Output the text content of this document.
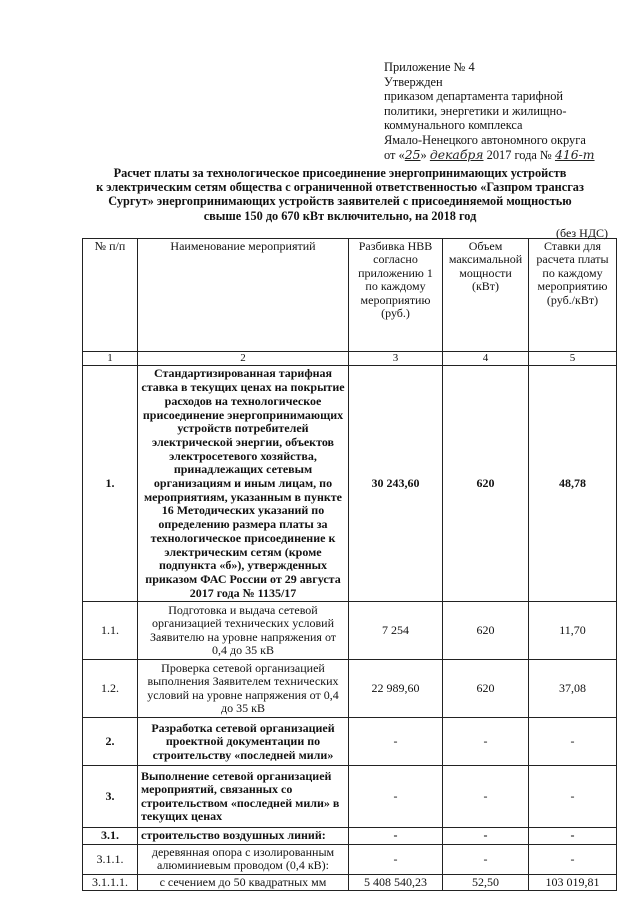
Приложение № 4
Утвержден
приказом департамента тарифной
политики, энергетики и жилищно-
коммунального комплекса
Ямало-Ненецкого автономного округа
от «25» декабря 2017 года № 416-т
Расчет платы за технологическое присоединение энергопринимающих устройств
к электрическим сетям общества с ограниченной ответственностью «Газпром трансгаз
Сургут» энергопринимающих устройств заявителей с присоединяемой мощностью
свыше 150 до 670 кВт включительно, на 2018 год
(без НДС)
№ п/п	Наименование мероприятий	Разбивка НВВ согласно приложению 1 по каждому мероприятию (руб.)	Объем максимальной мощности (кВт)	Ставки для расчета платы по каждому мероприятию (руб./кВт)
1	2	3	4	5
1.	Стандартизированная тарифная ставка в текущих ценах на покрытие расходов на технологическое присоединение энергопринимающих устройств потребителей электрической энергии, объектов электросетевого хозяйства, принадлежащих сетевым организациям и иным лицам, по мероприятиям, указанным в пункте 16 Методических указаний по определению размера платы за технологическое присоединение к электрическим сетям (кроме подпункта «б»), утвержденных приказом ФАС России от 29 августа 2017 года № 1135/17	30 243,60	620	48,78
1.1.	Подготовка и выдача сетевой организацией технических условий Заявителю на уровне напряжения от 0,4 до 35 кВ	7 254	620	11,70
1.2.	Проверка сетевой организацией выполнения Заявителем технических условий на уровне напряжения от 0,4 до 35 кВ	22 989,60	620	37,08
2.	Разработка сетевой организацией проектной документации по строительству «последней мили»	-	-	-
3.	Выполнение сетевой организацией мероприятий, связанных со строительством «последней мили» в текущих ценах	-	-	-
3.1.	строительство воздушных линий:	-	-	-
3.1.1.	деревянная опора с изолированным алюминиевым проводом (0,4 кВ):	-	-	-
3.1.1.1.	с сечением до 50 квадратных мм	5 408 540,23	52,50	103 019,81
